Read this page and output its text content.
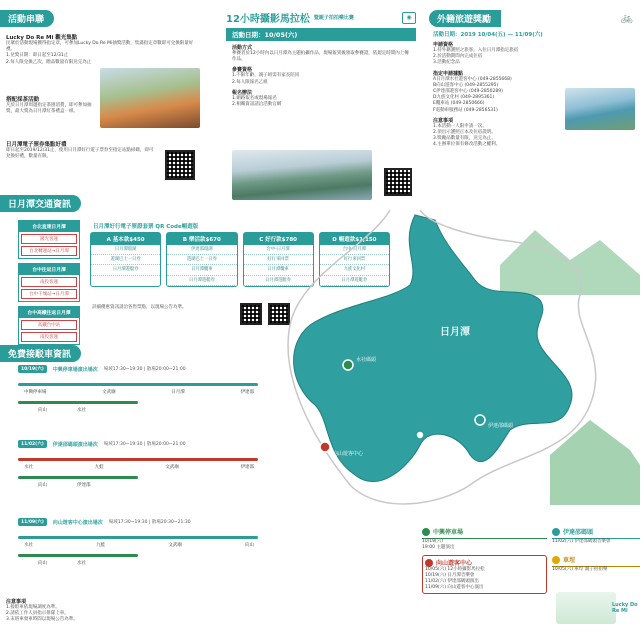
活動串聯
Lucky Do Re Mi 觀光集點
民眾於活動現場獲得指定章，可參加Lucky Do Re Mi抽獎活動，集滿指定章數即可兌換限量好禮。
1.兌獎日期：即日起至12/31止
2.每人限兌換乙次，贈品數量有限送完為止
搭配採茶活動
凡於日月潭周邊指定茶園消費，即可參加抽獎，最大獎為日月潭紅茶禮盒一組。
日月潭電子票券集點好禮
即日起至2019/12/31止，使用日月潭好行電子票券至指定站點掃碼，即可兌換好禮，數量有限。
12小時攝影馬拉松 暨親子拍拍樂比賽	◉
活動日期：10/05(六)
活動方式
參賽者於12小時內以日月潭為主題拍攝作品，現場報到後領取參賽證，依規定時間內上傳作品。
參賽資格
1.不限年齡，親子組需有家長陪同
2.每人限報名乙組
報名辦法
1.網路報名或現場報名
2.相關資訊請洽活動官網
外籍旅遊獎勵	🚲
活動日期：2019 10/04(五) — 11/09(六)
申請資格
1.持外籍護照之旅客，入住日月潭指定旅宿
2.於活動期間內完成住宿
3.活動紀念品
指定申請據點
A日月潭水社遊客中心 (049-2855668)
B向山遊客中心 (049-2855295)
C伊達邵遊客中心 (049-2850289)
D九族文化村 (049-2895361)
E纜車站 (049-2850666)
F電動車服務站 (049-2856531)
注意事項
1.本活動一人限申請一次。
2.須出示護照正本及住宿證明。
3.獎勵品數量有限，送完為止。
4.主辦單位保有修改活動之權利。
日月潭交通資訊
台北直達日月潭
國光客運
台北轉運站→日月潭
台中往返日月潭
南投客運
台中干城站→日月潭
台中高鐵往返日月潭
高鐵台中站
南投客運
日月潭好行電子票證套票 QR Code暢遊版
A 基本款$450
日月潭環湖
遊湖巴士一日券
日月潭遊艇券
B 樂活款$670
伊達邵環湖
遊湖巴士一日券
日月潭纜車
日月潭遊艇券
C 好行款$780
台中-日月潭
好行來回票
日月潭纜車
日月潭遊艇券
D 暢遊款$1,150
台中-日月潭
好行來回票
九族文化村
日月潭遊艇券
詳細優惠資訊請洽各售票點，以現場公告為準。
免費接駁車資訊
10/19(六)	中興停車場演出場次 場域17:30~19:30 | 散場20:00~21:00
中興停車場	文武廟	日月潭	伊達邵
向山	水社
11/02(六)	伊達邵碼頭演出場次 場域17:30~19:30 | 散場20:00~21:00
水社	九蛙	文武廟	伊達邵
向山	伊達邵
11/09(六)	向山遊客中心演出場次 場域17:30~19:30 | 散場20:30~21:30
水社	九蛙	文武廟	向山
向山	水社
注意事項
1.接駁車依現場調度為準。
2.請依工作人員指示排隊上車。
3.末班車發車時間以現場公告為準。
日月潭
水社碼頭
向山遊客中心
伊達邵碼頭
玄光寺
中興停車場
10/19(六)
19:00 主題演出
向山遊客中心
10/05(六) 12小時攝影馬拉松
10/19(六) 日月潭音樂會
11/02(六) 伊達邵碼頭演出
11/09(六) 向山遊客中心演出
伊達邵碼頭
11/02(六) 伊達邵碼頭音樂會
車埕
10/05(六) 車埕 親子拍拍樂
Lucky Do Re Mi
